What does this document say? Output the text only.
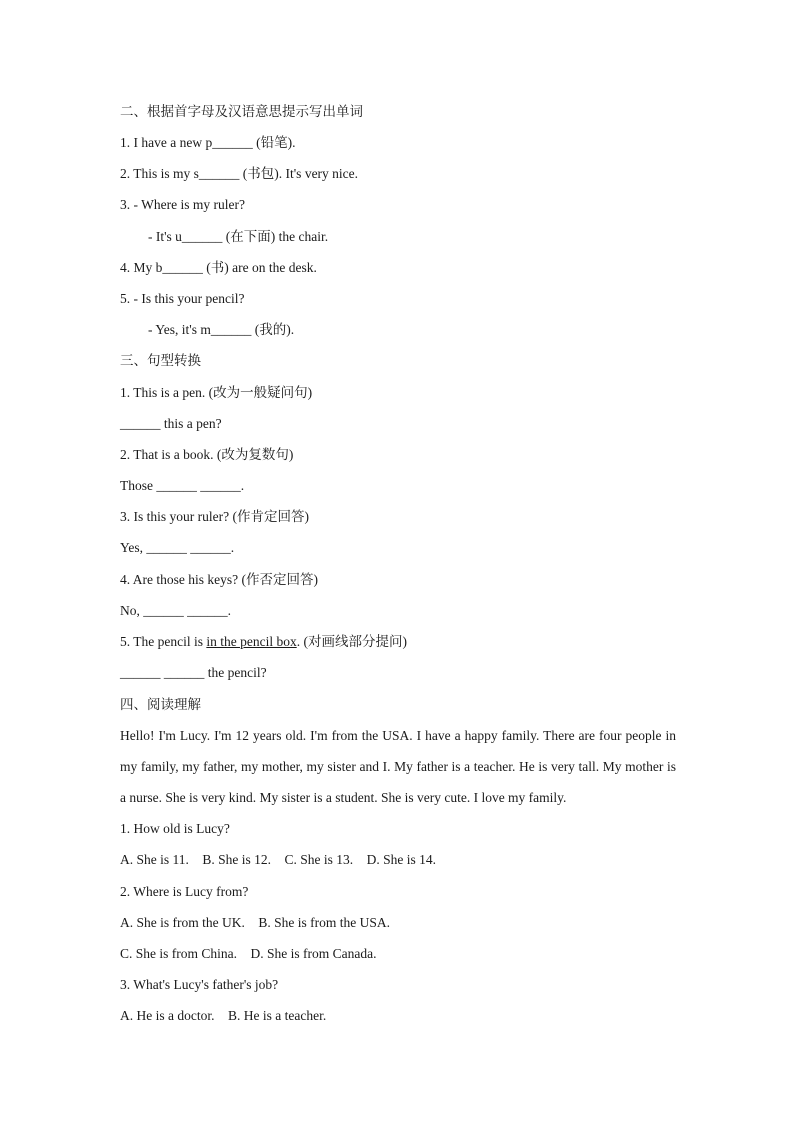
二、根据首字母及汉语意思提示写出单词
1. I have a new p______ (铅笔).
2. This is my s______ (书包). It's very nice.
3. - Where is my ruler?
- It's u______ (在下面) the chair.
4. My b______ (书) are on the desk.
5. - Is this your pencil?
- Yes, it's m______ (我的).
三、句型转换
1. This is a pen. (改为一般疑问句)
______ this a pen?
2. That is a book. (改为复数句)
Those ______ ______.
3. Is this your ruler? (作肯定回答)
Yes, ______ ______.
4. Are those his keys? (作否定回答)
No, ______ ______.
5. The pencil is in the pencil box. (对画线部分提问)
______ ______ the pencil?
四、阅读理解
Hello! I'm Lucy. I'm 12 years old. I'm from the USA. I have a happy family. There are four people in my family, my father, my mother, my sister and I. My father is a teacher. He is very tall. My mother is a nurse. She is very kind. My sister is a student. She is very cute. I love my family.
1. How old is Lucy?
A. She is 11.    B. She is 12.    C. She is 13.    D. She is 14.
2. Where is Lucy from?
A. She is from the UK.    B. She is from the USA.
C. She is from China.    D. She is from Canada.
3. What's Lucy's father's job?
A. He is a doctor.    B. He is a teacher.
